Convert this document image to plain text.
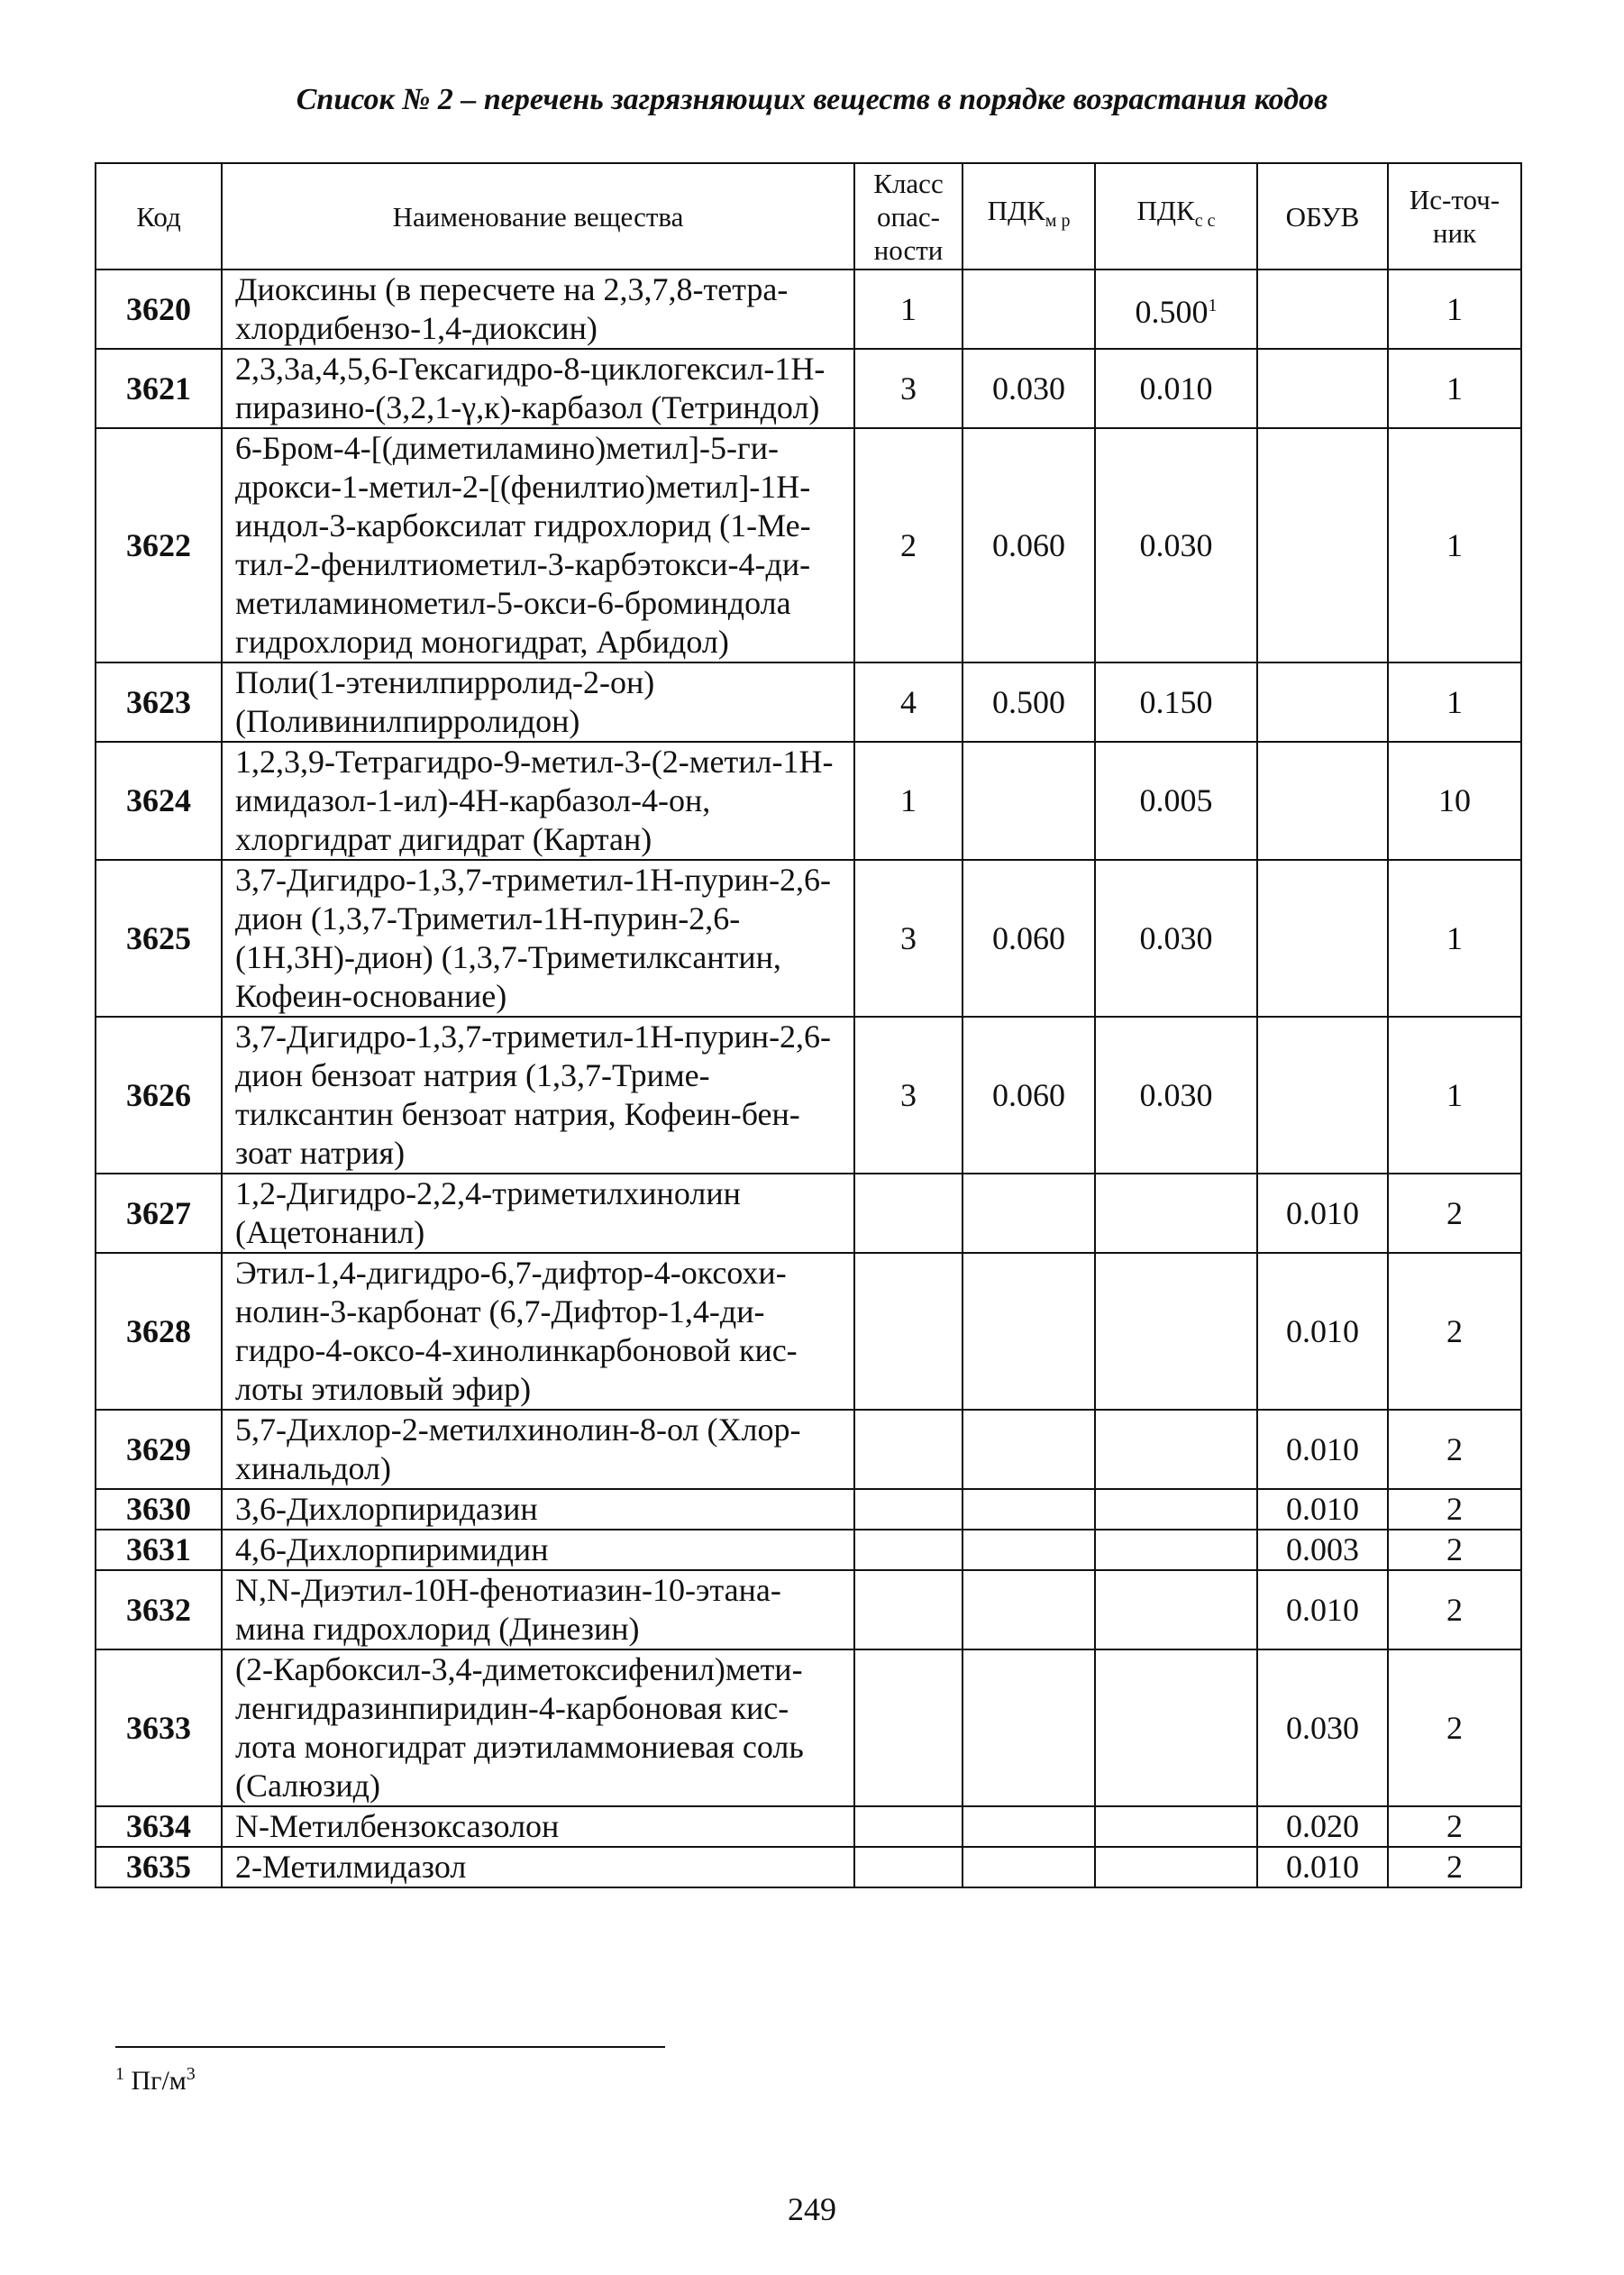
Список № 2 – перечень загрязняющих веществ в порядке возрастания кодов
Код	Наименование вещества	Класс опас-ности	$ПДК_{м р}$	$ПДК_{с с}$	ОБУВ	Ис-точ-ник
3620	Диоксины (в пересчете на 2,3,7,8-тетра-хлордибензо-1,4-диоксин)	1		0.500$^1$		1
3621	2,3,3а,4,5,6-Гексагидро-8-циклогексил-1Н-пиразино-(3,2,1-γ,к)-карбазол (Тетриндол)	3	0.030	0.010		1
3622	6-Бром-4-[(диметиламино)метил]-5-ги-дрокси-1-метил-2-[(фенилтио)метил]-1Н-индол-3-карбоксилат гидрохлорид (1-Ме-тил-2-фенилтиометил-3-карбэтокси-4-ди-метиламинометил-5-окси-6-броминдола гидрохлорид моногидрат, Арбидол)	2	0.060	0.030		1
3623	Поли(1-этенилпирролид-2-он) (Поливинилпирролидон)	4	0.500	0.150		1
3624	1,2,3,9-Тетрагидро-9-метил-3-(2-метил-1Н-имидазол-1-ил)-4Н-карбазол-4-он, хлоргидрат дигидрат (Картан)	1		0.005		10
3625	3,7-Дигидро-1,3,7-триметил-1Н-пурин-2,6-дион (1,3,7-Триметил-1Н-пурин-2,6-(1Н,3Н)-дион) (1,3,7-Триметилксантин, Кофеин-основание)	3	0.060	0.030		1
3626	3,7-Дигидро-1,3,7-триметил-1Н-пурин-2,6-дион бензоат натрия (1,3,7-Триме-тилксантин бензоат натрия, Кофеин-бен-зоат натрия)	3	0.060	0.030		1
3627	1,2-Дигидро-2,2,4-триметилхинолин (Ацетонанил)				0.010	2
3628	Этил-1,4-дигидро-6,7-дифтор-4-оксохи-нолин-3-карбонат (6,7-Дифтор-1,4-ди-гидро-4-оксо-4-хинолинкарбоновой кис-лоты этиловый эфир)				0.010	2
3629	5,7-Дихлор-2-метилхинолин-8-ол (Хлор-хинальдол)				0.010	2
3630	3,6-Дихлорпиридазин				0.010	2
3631	4,6-Дихлорпиримидин				0.003	2
3632	N,N-Диэтил-10Н-фенотиазин-10-этана-мина гидрохлорид (Динезин)				0.010	2
3633	(2-Карбоксил-3,4-диметоксифенил)мети-ленгидразинпиридин-4-карбоновая кис-лота моногидрат диэтиламмониевая соль (Салюзид)				0.030	2
3634	N-Метилбензоксазолон				0.020	2
3635	2-Метилмидазол				0.010	2
$^1$ $Пг/м^3$
249
